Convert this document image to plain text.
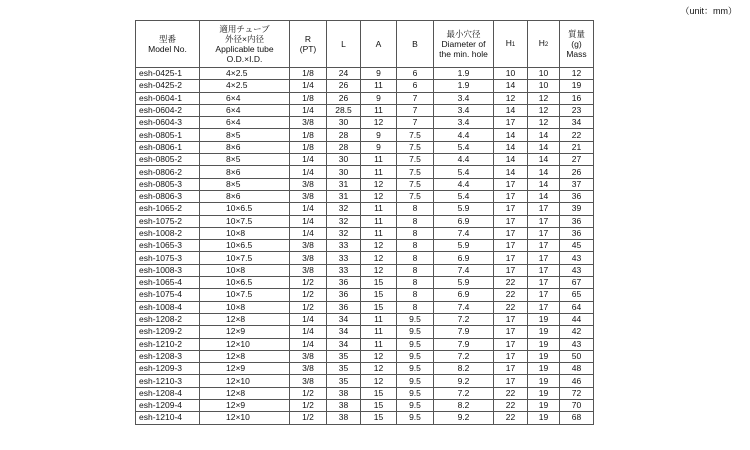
（unit：mm）
型番
Model No.	適用チューブ
外径×内径
Applicable tube
O.D.×I.D.	R
(PT)	L	A	B	最小穴径
Diameter of
the min. hole	H1	H2	質量
(g)
Mass

esh-0425-1	4×2.5	1/8	24	9	6	1.9	10	10	12
esh-0425-2	4×2.5	1/4	26	11	6	1.9	14	10	19
esh-0604-1	6×4	1/8	26	9	7	3.4	12	12	16
esh-0604-2	6×4	1/4	28.5	11	7	3.4	14	12	23
esh-0604-3	6×4	3/8	30	12	7	3.4	17	12	34
esh-0805-1	8×5	1/8	28	9	7.5	4.4	14	14	22
esh-0806-1	8×6	1/8	28	9	7.5	5.4	14	14	21
esh-0805-2	8×5	1/4	30	11	7.5	4.4	14	14	27
esh-0806-2	8×6	1/4	30	11	7.5	5.4	14	14	26
esh-0805-3	8×5	3/8	31	12	7.5	4.4	17	14	37
esh-0806-3	8×6	3/8	31	12	7.5	5.4	17	14	36
esh-1065-2	10×6.5	1/4	32	11	8	5.9	17	17	39
esh-1075-2	10×7.5	1/4	32	11	8	6.9	17	17	36
esh-1008-2	10×8	1/4	32	11	8	7.4	17	17	36
esh-1065-3	10×6.5	3/8	33	12	8	5.9	17	17	45
esh-1075-3	10×7.5	3/8	33	12	8	6.9	17	17	43
esh-1008-3	10×8	3/8	33	12	8	7.4	17	17	43
esh-1065-4	10×6.5	1/2	36	15	8	5.9	22	17	67
esh-1075-4	10×7.5	1/2	36	15	8	6.9	22	17	65
esh-1008-4	10×8	1/2	36	15	8	7.4	22	17	64
esh-1208-2	12×8	1/4	34	11	9.5	7.2	17	19	44
esh-1209-2	12×9	1/4	34	11	9.5	7.9	17	19	42
esh-1210-2	12×10	1/4	34	11	9.5	7.9	17	19	43
esh-1208-3	12×8	3/8	35	12	9.5	7.2	17	19	50
esh-1209-3	12×9	3/8	35	12	9.5	8.2	17	19	48
esh-1210-3	12×10	3/8	35	12	9.5	9.2	17	19	46
esh-1208-4	12×8	1/2	38	15	9.5	7.2	22	19	72
esh-1209-4	12×9	1/2	38	15	9.5	8.2	22	19	70
esh-1210-4	12×10	1/2	38	15	9.5	9.2	22	19	68
